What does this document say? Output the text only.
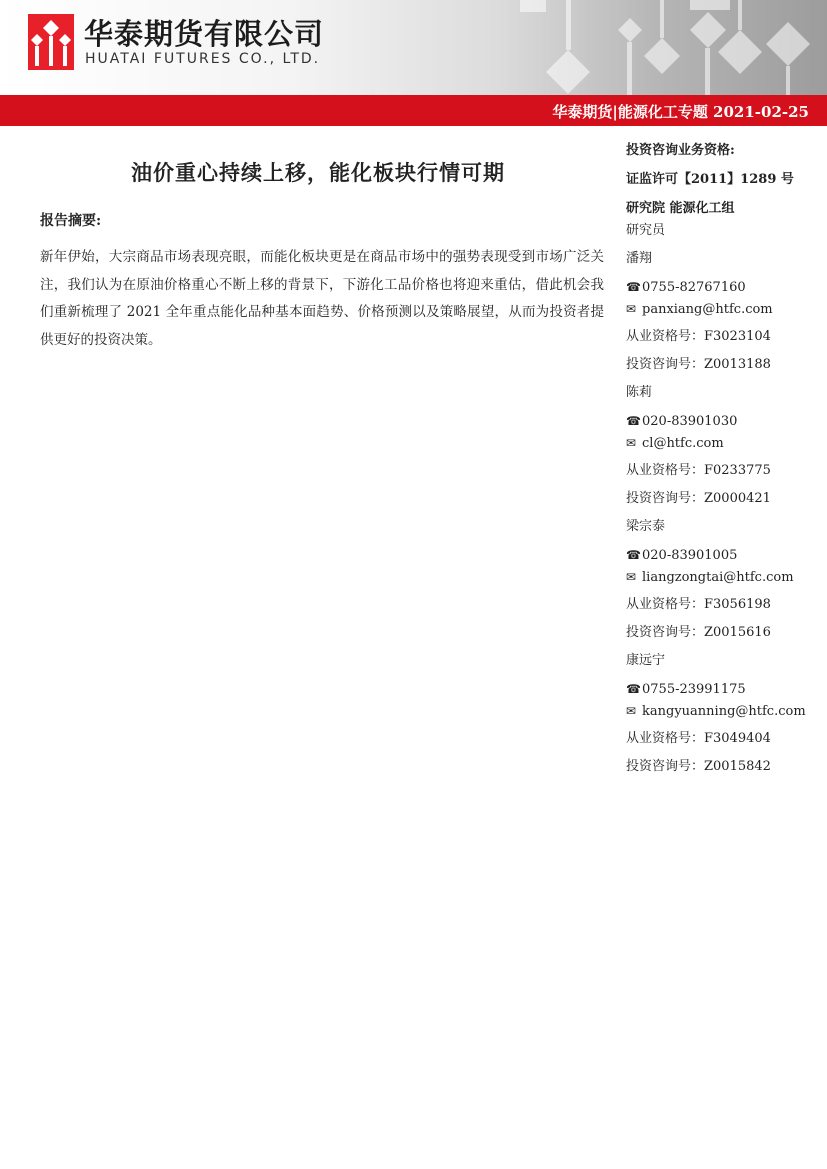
华泰期货有限公司
HUATAI FUTURES CO., LTD.
华泰期货|能源化工专题 2021-02-25
油价重心持续上移，能化板块行情可期
报告摘要:
新年伊始，大宗商品市场表现亮眼，而能化板块更是在商品市场中的强势表现受到市场广泛关注，我们认为在原油价格重心不断上移的背景下，下游化工品价格也将迎来重估，借此机会我们重新梳理了 2021 全年重点能化品种基本面趋势、价格预测以及策略展望，从而为投资者提供更好的投资决策。
投资咨询业务资格:
证监许可【2011】1289 号
研究院 能源化工组
研究员
潘翔
☎0755-82767160
✉ panxiang@htfc.com
从业资格号：F3023104
投资咨询号：Z0013188
陈莉
☎020-83901030
✉ cl@htfc.com
从业资格号：F0233775
投资咨询号：Z0000421
梁宗泰
☎020-83901005
✉ liangzongtai@htfc.com
从业资格号：F3056198
投资咨询号：Z0015616
康远宁
☎0755-23991175
✉ kangyuanning@htfc.com
从业资格号：F3049404
投资咨询号：Z0015842
